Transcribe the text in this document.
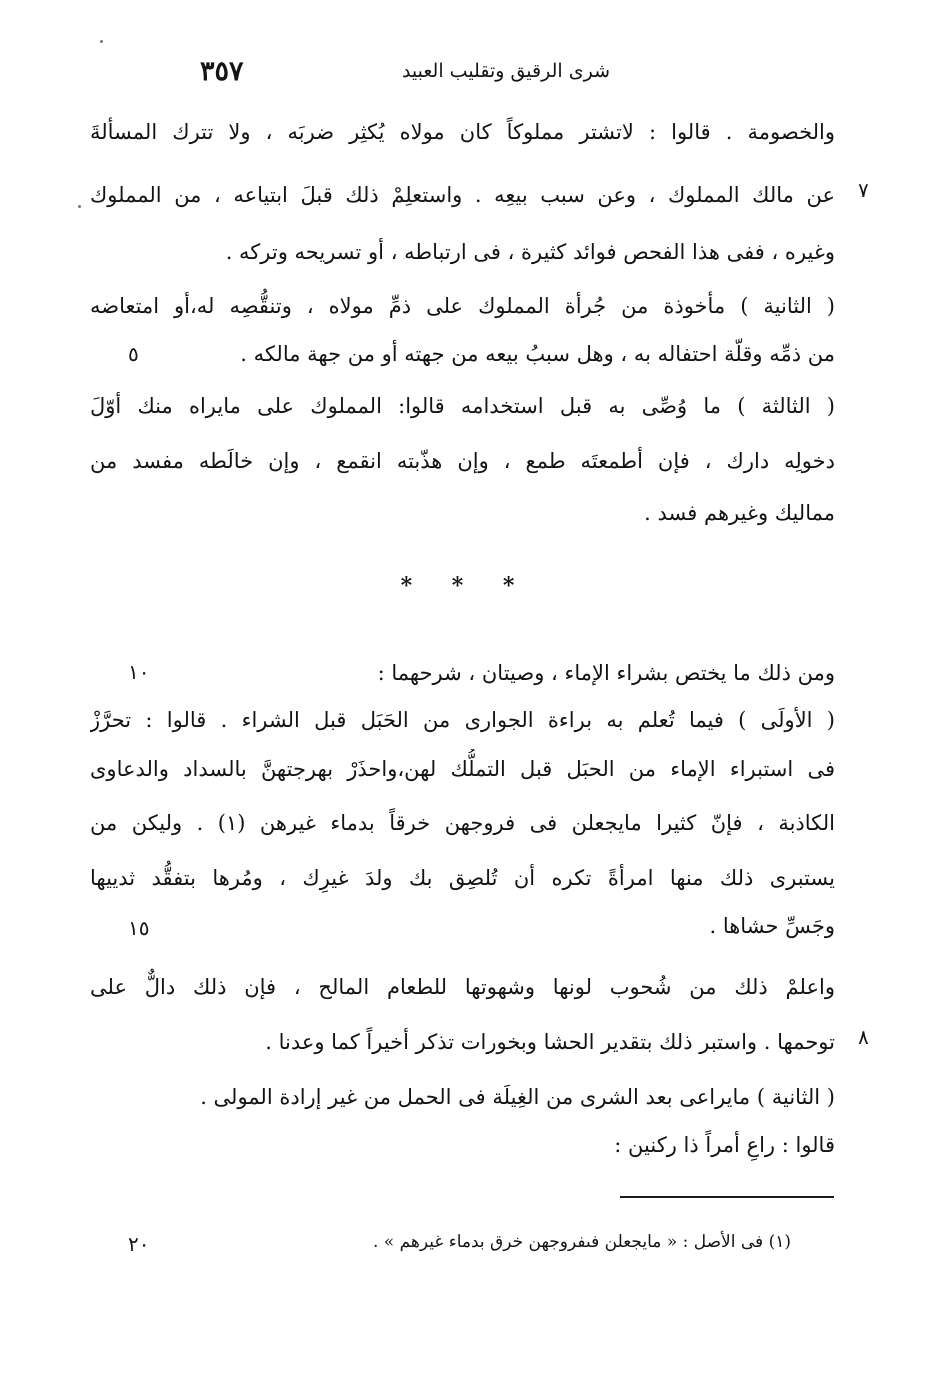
٣٥٧	شرى الرقيق وتقليب العبيد
والخصومة . قالوا : لاتشتر مملوكاً كان مولاه يُكثِر ضربَه ، ولا تترك المسألةَ
عن مالك المملوك ، وعن سبب بيعِه . واستعلِمْ ذلك قبلَ ابتياعه ، من المملوك ٧
وغيره ، ففى هذا الفحص فوائد كثيرة ، فى ارتباطه ، أو تسريحه وتركه .
( الثانية ) مأخوذة من جُرأة المملوك على ذمِّ مولاه ، وتنقُّصِه له،أو امتعاضه
من ذمِّه وقلّة احتفاله به ، وهل سببُ بيعه من جهته أو من جهة مالكه .
٥
( الثالثة ) ما وُصِّى به قبل استخدامه قالوا: المملوك على مايراه منك أوّلَ
دخولِه دارك ، فإن أطمعتَه طمع ، وإن هذّبته انقمع ، وإن خالَطه مفسد من
مماليك وغيرهم فسد .
* * *
ومن ذلك ما يختص بشراء الإماء ، وصيتان ، شرحهما :
١٠
( الأولَى ) فيما تُعلم به براءة الجوارى من الحَبَل قبل الشراء . قالوا : تحرَّزْ
فى استبراء الإماء من الحبَل قبل التملُّك لهن،واحذَرْ بهرجتهنَّ بالسداد والدعاوى
الكاذبة ، فإنّ كثيرا مايجعلن فى فروجهن خرقاً بدماء غيرهن (١) . وليكن من
يستبرى ذلك منها امرأةً تكره أن تُلصِق بك ولدَ غيرِك ، ومُرها بتفقُّد ثدييها
وجَسِّ حشاها .
١٥
واعلمْ ذلك من شُحوب لونها وشهوتها للطعام المالح ، فإن ذلك دالٌّ على
توحمها . واستبر ذلك بتقدير الحشا وبخورات تذكر أخيراً كما وعدنا . ٨
( الثانية ) مايراعى بعد الشرى من الغِيلَة فى الحمل من غير إرادة المولى .
قالوا : راعِ أمراً ذا ركنين :
(١) فى الأصل : « مايجعلن فىفروجهن خرق بدماء غيرهم » .
٢٠
